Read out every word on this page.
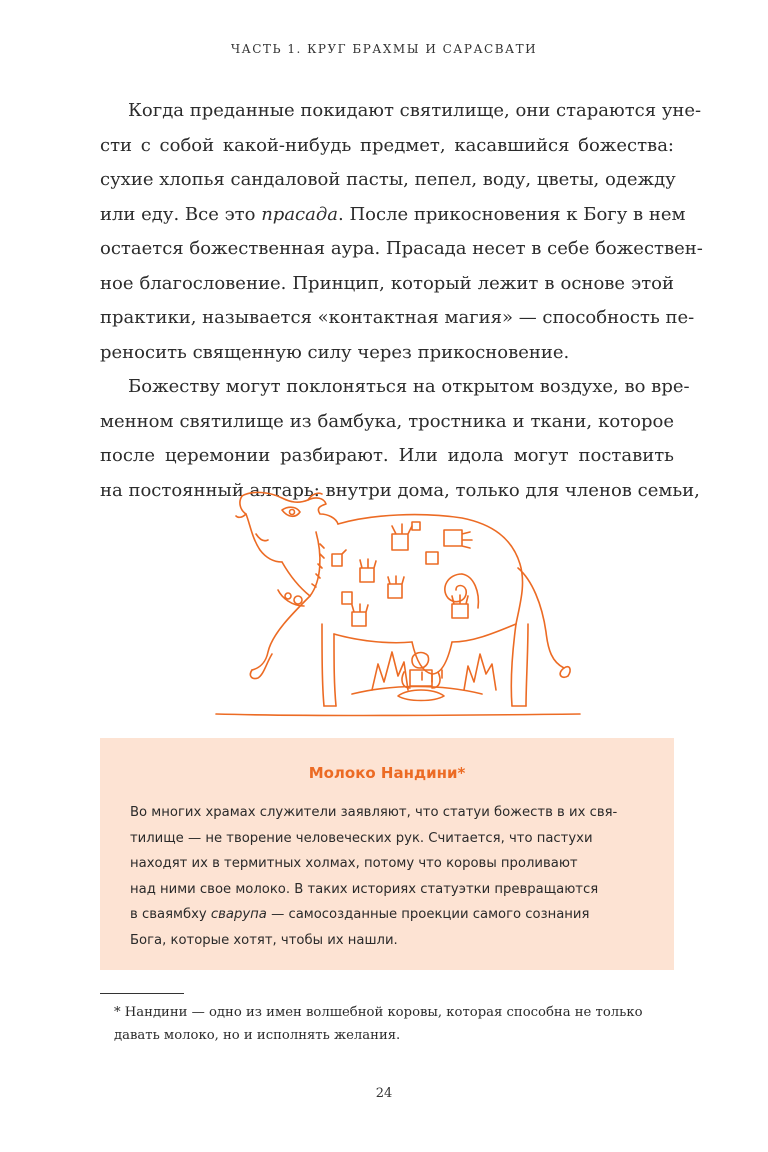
ЧАСТЬ 1. КРУГ БРАХМЫ И САРАСВАТИ
Когда преданные покидают святилище, они стараются уне-
сти с собой какой-нибудь предмет, касавшийся божества:
сухие хлопья сандаловой пасты, пепел, воду, цветы, одежду
или еду. Все это прасада. После прикосновения к Богу в нем
остается божественная аура. Прасада несет в себе божествен-
ное благословение. Принцип, который лежит в основе этой
практики, называется «контактная магия» — способность пе-
реносить священную силу через прикосновение.
Божеству могут поклоняться на открытом воздухе, во вре-
менном святилище из бамбука, тростника и ткани, которое
после церемонии разбирают. Или идола могут поставить
на постоянный алтарь: внутри дома, только для членов семьи,
Молоко Нандини*
Во многих храмах служители заявляют, что статуи божеств в их свя-
тилище — не творение человеческих рук. Считается, что пастухи
находят их в термитных холмах, потому что коровы проливают
над ними свое молоко. В таких историях статуэтки превращаются
в сваямбху сварупа — самосозданные проекции самого сознания
Бога, которые хотят, чтобы их нашли.
* Нандини — одно из имен волшебной коровы, которая способна не только
давать молоко, но и исполнять желания.
24
